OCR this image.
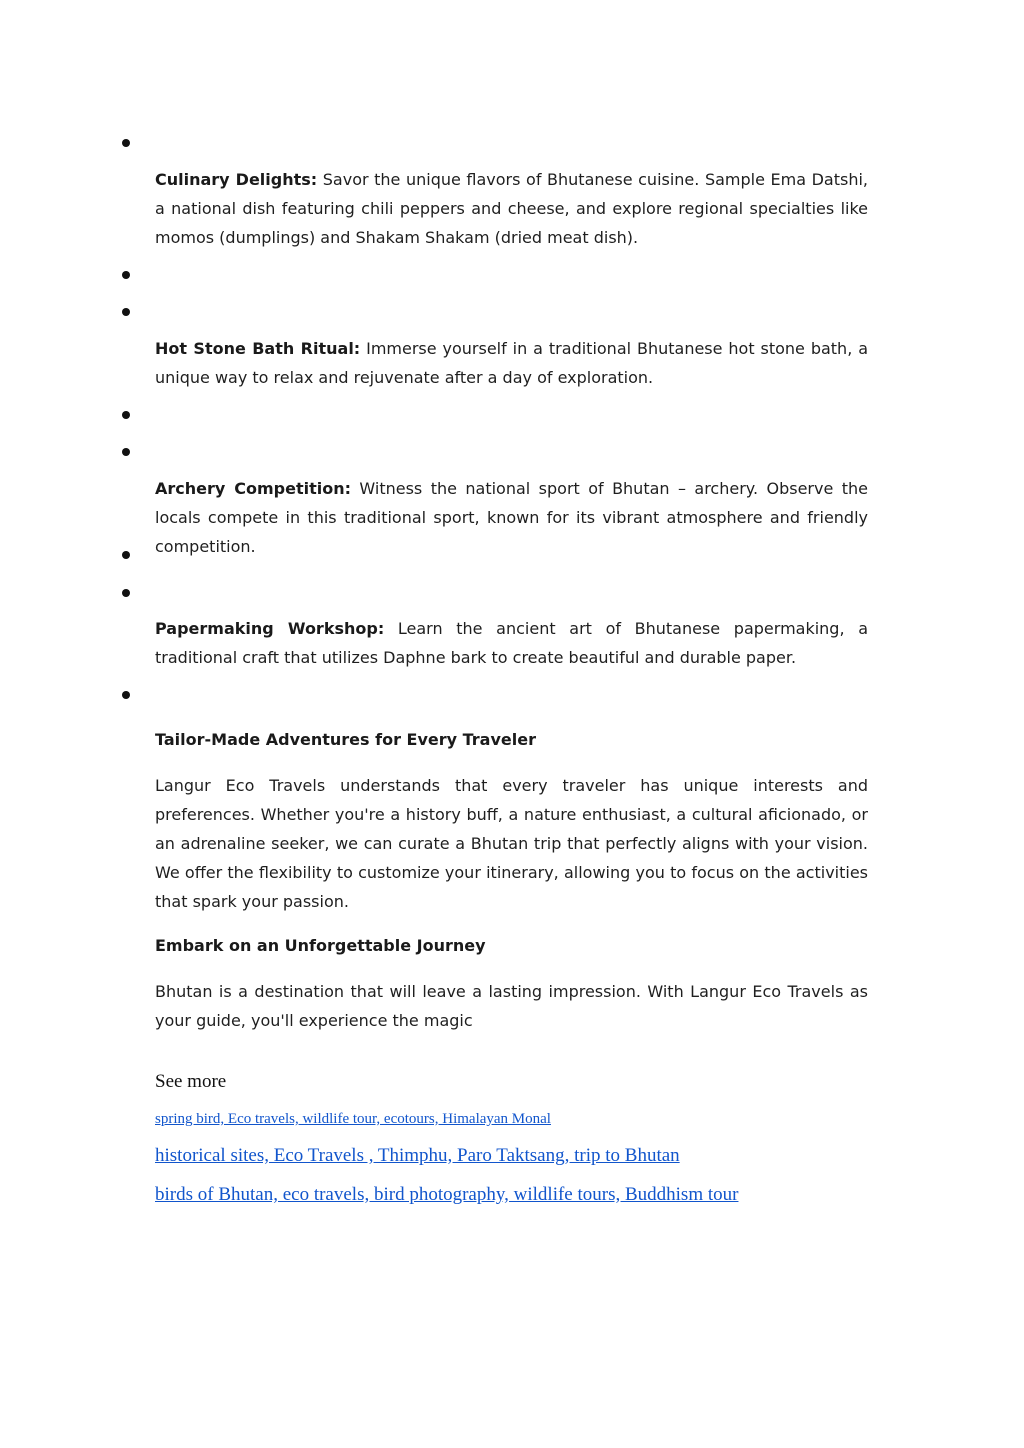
Culinary Delights: Savor the unique flavors of Bhutanese cuisine. Sample Ema Datshi, a national dish featuring chili peppers and cheese, and explore regional specialties like momos (dumplings) and Shakam Shakam (dried meat dish).
Hot Stone Bath Ritual: Immerse yourself in a traditional Bhutanese hot stone bath, a unique way to relax and rejuvenate after a day of exploration.
Archery Competition: Witness the national sport of Bhutan – archery. Observe the locals compete in this traditional sport, known for its vibrant atmosphere and friendly competition.
Papermaking Workshop: Learn the ancient art of Bhutanese papermaking, a traditional craft that utilizes Daphne bark to create beautiful and durable paper.
Tailor-Made Adventures for Every Traveler
Langur Eco Travels understands that every traveler has unique interests and preferences. Whether you're a history buff, a nature enthusiast, a cultural aficionado, or an adrenaline seeker, we can curate a Bhutan trip that perfectly aligns with your vision. We offer the flexibility to customize your itinerary, allowing you to focus on the activities that spark your passion.
Embark on an Unforgettable Journey
Bhutan is a destination that will leave a lasting impression. With Langur Eco Travels as your guide, you'll experience the magic
See more
spring bird, Eco travels, wildlife tour, ecotours, Himalayan Monal
historical sites, Eco Travels , Thimphu, Paro Taktsang, trip to Bhutan
birds of Bhutan, eco travels, bird photography, wildlife tours, Buddhism tour
